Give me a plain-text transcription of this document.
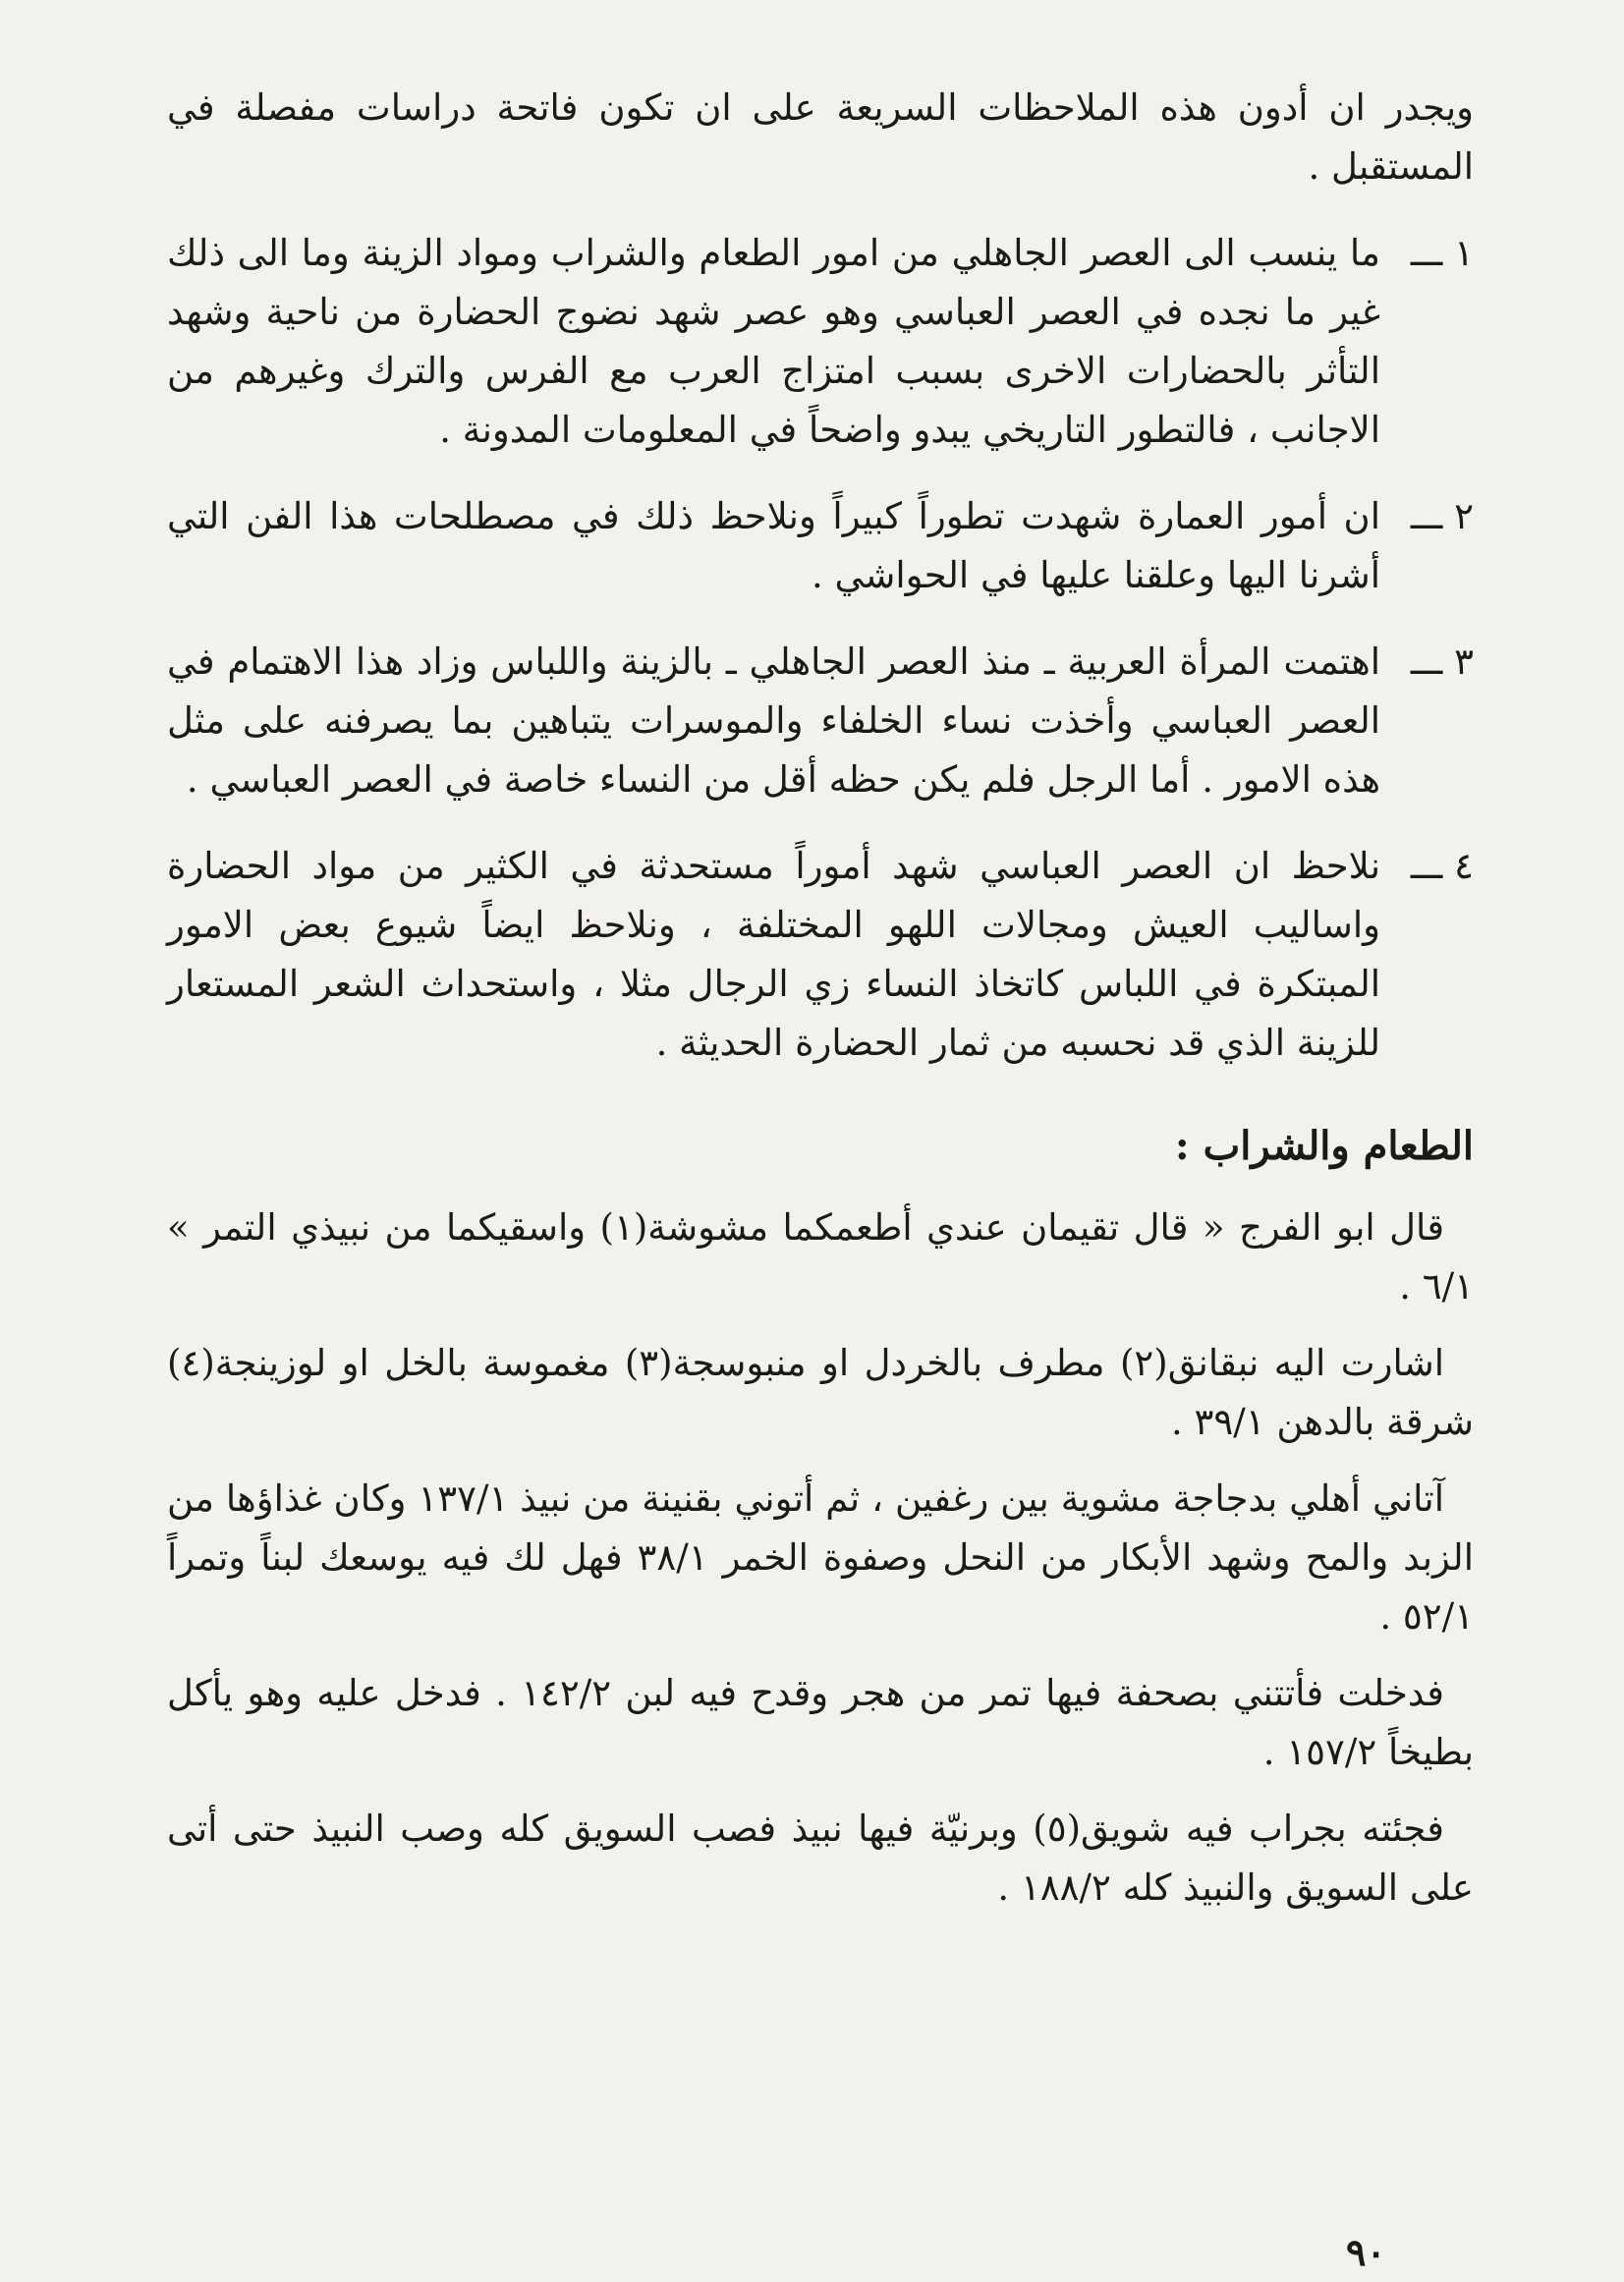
ويجدر ان أدون هذه الملاحظات السريعة على ان تكون فاتحة دراسات مفصلة في المستقبل .

١ ـــ

ما ينسب الى العصر الجاهلي من امور الطعام والشراب ومواد الزينة وما الى ذلك غير ما نجده في العصر العباسي وهو عصر شهد نضوج الحضارة من ناحية وشهد التأثر بالحضارات الاخرى بسبب امتزاج العرب مع الفرس والترك وغيرهم من الاجانب ، فالتطور التاريخي يبدو واضحاً في المعلومات المدونة .

٢ ـــ

ان أمور العمارة شهدت تطوراً كبيراً ونلاحظ ذلك في مصطلحات هذا الفن التي أشرنا اليها وعلقنا عليها في الحواشي .

٣ ـــ

اهتمت المرأة العربية ـ منذ العصر الجاهلي ـ بالزينة واللباس وزاد هذا الاهتمام في العصر العباسي وأخذت نساء الخلفاء والموسرات يتباهين بما يصرفنه على مثل هذه الامور . أما الرجل فلم يكن حظه أقل من النساء خاصة في العصر العباسي .

٤ ـــ

نلاحظ ان العصر العباسي شهد أموراً مستحدثة في الكثير من مواد الحضارة واساليب العيش ومجالات اللهو المختلفة ، ونلاحظ ايضاً شيوع بعض الامور المبتكرة في اللباس كاتخاذ النساء زي الرجال مثلا ، واستحداث الشعر المستعار للزينة الذي قد نحسبه من ثمار الحضارة الحديثة .

الطعام والشراب :

قال ابو الفرج « قال تقيمان عندي أطعمكما مشوشة(١) واسقيكما من نبيذي التمر » ٦/١ .

اشارت اليه نبقانق(٢) مطرف بالخردل او منبوسجة(٣) مغموسة بالخل او لوزينجة(٤) شرقة بالدهن ٣٩/١ .

آتاني أهلي بدجاجة مشوية بين رغفين ، ثم أتوني بقنينة من نبيذ ١٣٧/١ وكان غذاؤها من الزبد والمح وشهد الأبكار من النحل وصفوة الخمر ٣٨/١ فهل لك فيه يوسعك لبناً وتمراً ٥٢/١ .

فدخلت فأتتني بصحفة فيها تمر من هجر وقدح فيه لبن ١٤٢/٢ . فدخل عليه وهو يأكل بطيخاً ١٥٧/٢ .

فجئته بجراب فيه شويق(٥) وبرنيّة فيها نبيذ فصب السويق كله وصب النبيذ حتى أتى على السويق والنبيذ كله ١٨٨/٢ .

٩٠
